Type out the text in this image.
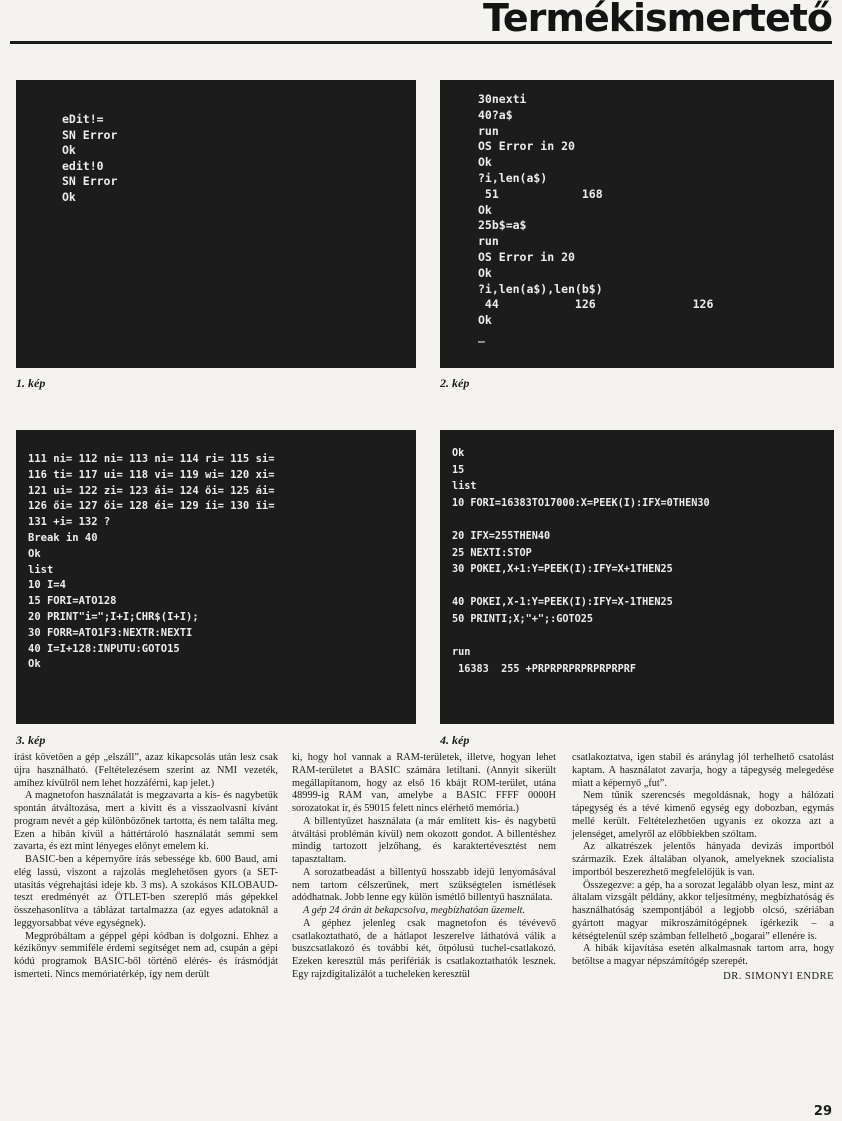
Termékismertető
eDit!=
SN Error
Ok
edit!0
SN Error
Ok
30nexti
40?a$
run
OS Error in 20
Ok
?i,len(a$)
51            168
Ok
25b$=a$
run
OS Error in 20
Ok
?i,len(a$),len(b$)
44           126              126
Ok
_
1. kép	2. kép
111 ni= 112 ni= 113 ni= 114 ri= 115 si=
116 ti= 117 ui= 118 vi= 119 wi= 120 xi=
121 ui= 122 zi= 123 ái= 124 ői= 125 ái=
126 ői= 127 ői= 128 éi= 129 íi= 130 ïi=
131 +i= 132 ?
Break in 40
Ok
list
10 I=4
15 FORI=ATO128
20 PRINT"i=";I+I;CHR$(I+I);
30 FORR=ATO1F3:NEXTR:NEXTI
40 I=I+128:INPUTU:GOTO15
Ok
Ok
15
list
10 FORI=16383TO17000:X=PEEK(I):IFX=0THEN30

20 IFX=255THEN40
25 NEXTI:STOP
30 POKEI,X+1:Y=PEEK(I):IFY=X+1THEN25

40 POKEI,X-1:Y=PEEK(I):IFY=X-1THEN25
50 PRINTI;X;"+";:GOTO25

run
16383  255 +PRPRPRPRPRPRPRPRF
3. kép	4. kép

írást követően a gép „elszáll”, azaz kikapcsolás után lesz csak újra használható. (Feltételezésem szerint az NMI vezeték, amihez kívülről nem lehet hozzáférni, kap jelet.)

A magnetofon használatát is megzavarta a kis- és nagybetűk spontán átváltozása, mert a kivitt és a visszaolvasni kívánt program nevét a gép különbözőnek tartotta, és nem találta meg. Ezen a hibán kívül a háttértároló használatát semmi sem zavarta, és ezt mint lényeges előnyt emelem ki.

BASIC-ben a képernyőre írás sebessége kb. 600 Baud, ami elég lassú, viszont a rajzolás meglehetősen gyors (a SET-utasítás végrehajtási ideje kb. 3 ms). A szokásos KILOBAUD-teszt eredményét az ÖTLET-ben szereplő más gépekkel összehasonlítva a táblázat tartalmazza (az egyes adatoknál a leggyorsabbat véve egységnek).

Megpróbáltam a géppel gépi kódban is dolgozni. Ehhez a kézikönyv semmiféle érdemi segítséget nem ad, csupán a gépi kódú programok BASIC-ből történő elérés- és írásmódját ismerteti. Nincs memóriatérkép, így nem derült

ki, hogy hol vannak a RAM-területek, illetve, hogyan lehet RAM-területet a BASIC számára letiltani. (Annyit sikerült megállapítanom, hogy az első 16 kbájt ROM-terület, utána 48999-ig RAM van, amelybe a BASIC FFFF 0000H sorozatokat ír, és 59015 felett nincs elérhető memória.)

A billentyűzet használata (a már említett kis- és nagybetű átváltási problémán kívül) nem okozott gondot. A billentéshez mindig tartozott jelzőhang, és karaktertévesztést nem tapasztaltam.

A sorozatbeadást a billentyű hosszabb idejű lenyomásával nem tartom célszerűnek, mert szükségtelen ismétlések adódhatnak. Jobb lenne egy külön ismétlő billentyű használata.

A gép 24 órán át bekapcsolva, megbízhatóan üzemelt.

A géphez jelenleg csak magnetofon és tévévevő csatlakoztatható, de a hátlapot leszerelve láthatóvá válik a buszcsatlakozó és további két, ötpólusú tuchel-csatlakozó. Ezeken keresztül más perifériák is csatlakoztathatók lesznek. Egy rajzdigitalizálót a tucheleken keresztül

csatlakoztatva, igen stabil és aránylag jól terhelhető csatolást kaptam. A használatot zavarja, hogy a tápegység melegedése miatt a képernyő „fut”.

Nem tűnik szerencsés megoldásnak, hogy a hálózati tápegység és a tévé kimenő egység egy dobozban, egymás mellé került. Feltételezhetően ugyanis ez okozza azt a jelenséget, amelyről az előbbiekben szóltam.

Az alkatrészek jelentős hányada devizás importból származik. Ezek általában olyanok, amelyeknek szocialista importból beszerezhető megfelelőjük is van.

Összegezve: a gép, ha a sorozat legalább olyan lesz, mint az általam vizsgált példány, akkor teljesítmény, megbízhatóság és használhatóság szempontjából a legjobb olcsó, szériában gyártott magyar mikroszámítógépnek ígérkezik – a kétségtelenül szép számban fellelhető „bogarai” ellenére is.

A hibák kijavítása esetén alkalmasnak tartom arra, hogy betöltse a magyar népszámítógép szerepét.

DR. SIMONYI ENDRE
29
